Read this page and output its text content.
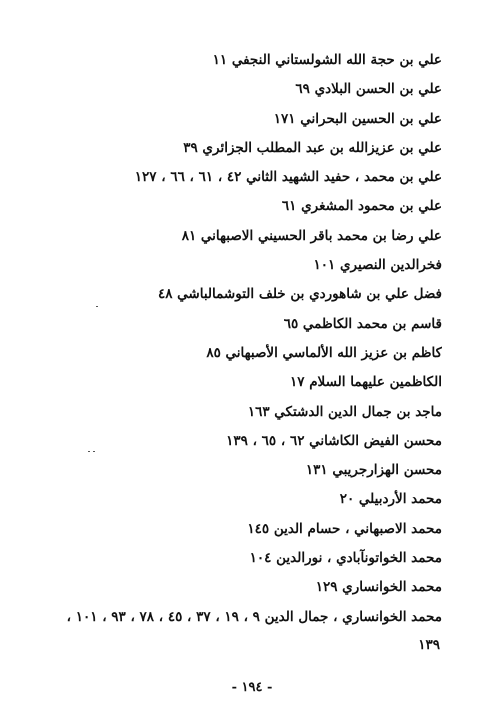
علي بن حجة الله الشولستاني النجفي ١١
علي بن الحسن البلادي ٦٩
علي بن الحسين البحراني ١٧١
علي بن عزيزالله بن عبد المطلب الجزائري ٣٩
علي بن محمد ، حفيد الشهيد الثاني ٤٢ ، ٦١ ، ٦٦ ، ١٢٧
علي بن محمود المشغري ٦١
علي رضا بن محمد باقر الحسيني الاصبهاني ٨١
فخرالدين النصيري ١٠١
فضل علي بن شاهوردي بن خلف التوشمالباشي ٤٨
قاسم بن محمد الكاظمي ٦٥
كاظم بن عزيز الله الألماسي الأصبهاني ٨٥
الكاظمين عليهما السلام ١٧
ماجد بن جمال الدين الدشتكي ١٦٣
محسن الفيض الكاشاني ٦٢ ، ٦٥ ، ١٣٩
محسن الهزارجريبي ١٣١
محمد الأردبيلي ٢٠
محمد الاصبهاني ، حسام الدين ١٤٥
محمد الخواتونآبادي ، نورالدين ١٠٤
محمد الخوانساري ١٢٩
محمد الخوانساري ، جمال الدين ٩ ، ١٩ ، ٣٧ ، ٤٥ ، ٧٨ ، ٩٣ ، ١٠١ ،
١٣٩
- ١٩٤ -
